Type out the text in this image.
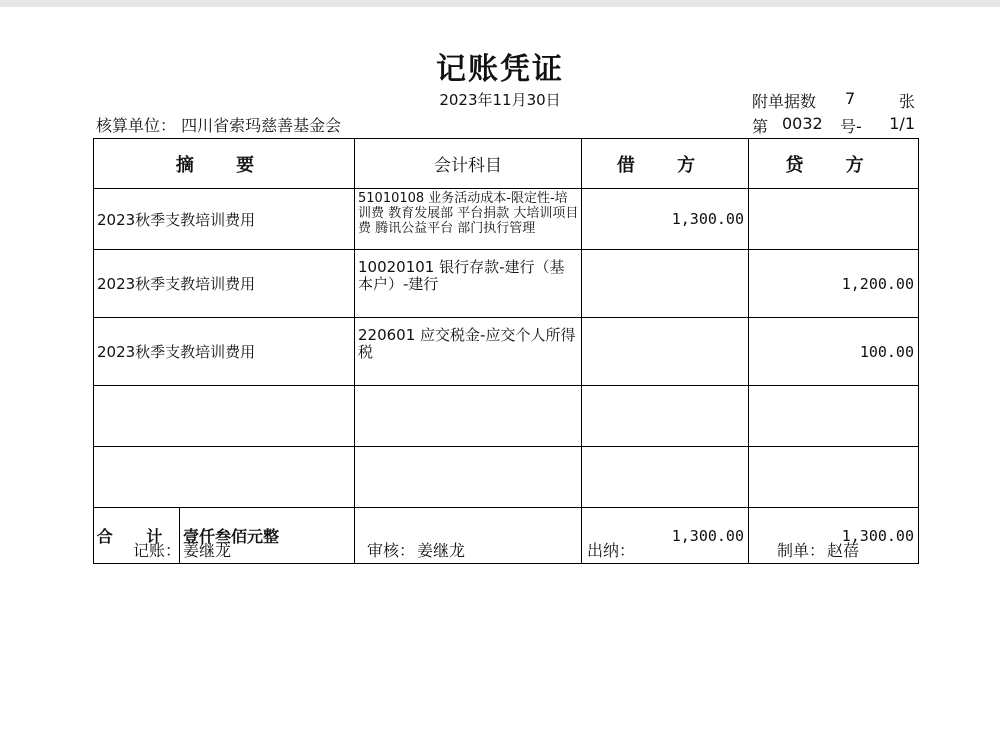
记账凭证
2023年11月30日
核算单位： 四川省索玛慈善基金会
附单据数 7	张
第 0032 号- 1/1
摘 要	会计科目	借 方	贷 方
2023秋季支教培训费用	51010108 业务活动成本-限定性-培训费 教育发展部 平台捐款 大培训项目费 腾讯公益平台 部门执行管理	1,300.00	
2023秋季支教培训费用	10020101 银行存款-建行（基本户）-建行		1,200.00
2023秋季支教培训费用	220601 应交税金-应交个人所得税		100.00

合 计 壹仟叁佰元整		1,300.00	1,300.00
记账： 姜继龙	审核： 姜继龙	出纳：	制单： 赵蓓
